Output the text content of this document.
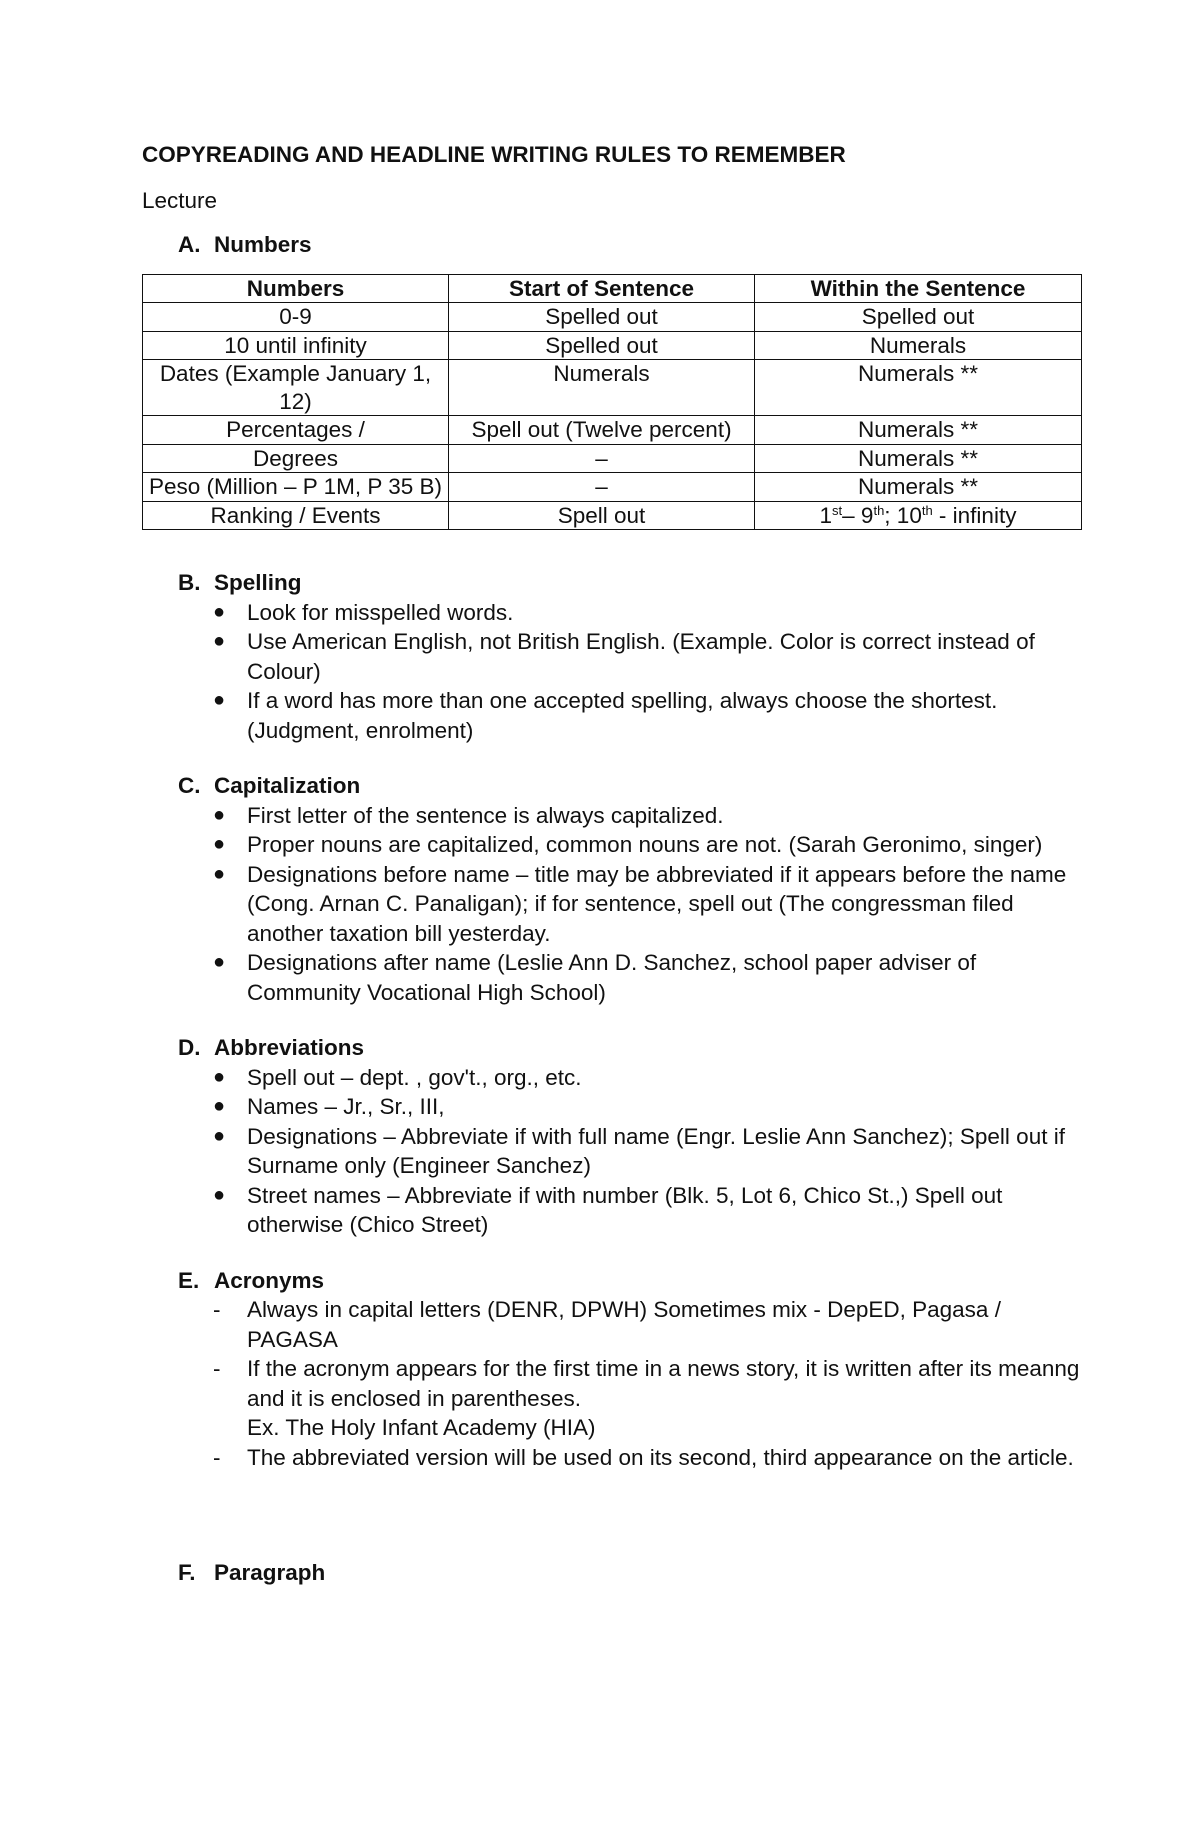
COPYREADING AND HEADLINE WRITING RULES TO REMEMBER
Lecture
A. Numbers
Numbers	Start of Sentence	Within the Sentence
0-9	Spelled out	Spelled out
10 until infinity	Spelled out	Numerals
Dates (Example January 1, 12)	Numerals	Numerals **
Percentages /	Spell out (Twelve percent)	Numerals **
Degrees	–	Numerals **
Peso (Million – P 1M, P 35 B)	–	Numerals **
Ranking / Events	Spell out	1st– 9th; 10th - infinity
B. Spelling
● Look for misspelled words.
● Use American English, not British English. (Example. Color is correct instead of Colour)
● If a word has more than one accepted spelling, always choose the shortest. (Judgment, enrolment)
C. Capitalization
● First letter of the sentence is always capitalized.
● Proper nouns are capitalized, common nouns are not. (Sarah Geronimo, singer)
● Designations before name – title may be abbreviated if it appears before the name (Cong. Arnan C. Panaligan); if for sentence, spell out (The congressman filed another taxation bill yesterday.
● Designations after name (Leslie Ann D. Sanchez, school paper adviser of Community Vocational High School)
D. Abbreviations
● Spell out – dept. , gov't., org., etc.
● Names – Jr., Sr., III,
● Designations – Abbreviate if with full name (Engr. Leslie Ann Sanchez); Spell out if Surname only (Engineer Sanchez)
● Street names – Abbreviate if with number (Blk. 5, Lot 6, Chico St.,) Spell out otherwise (Chico Street)
E. Acronyms
-	Always in capital letters (DENR, DPWH) Sometimes mix - DepED, Pagasa / PAGASA
-	If the acronym appears for the first time in a news story, it is written after its meanng and it is enclosed in parentheses.
Ex. The Holy Infant Academy (HIA)
-	The abbreviated version will be used on its second, third appearance on the article.
F. Paragraph
